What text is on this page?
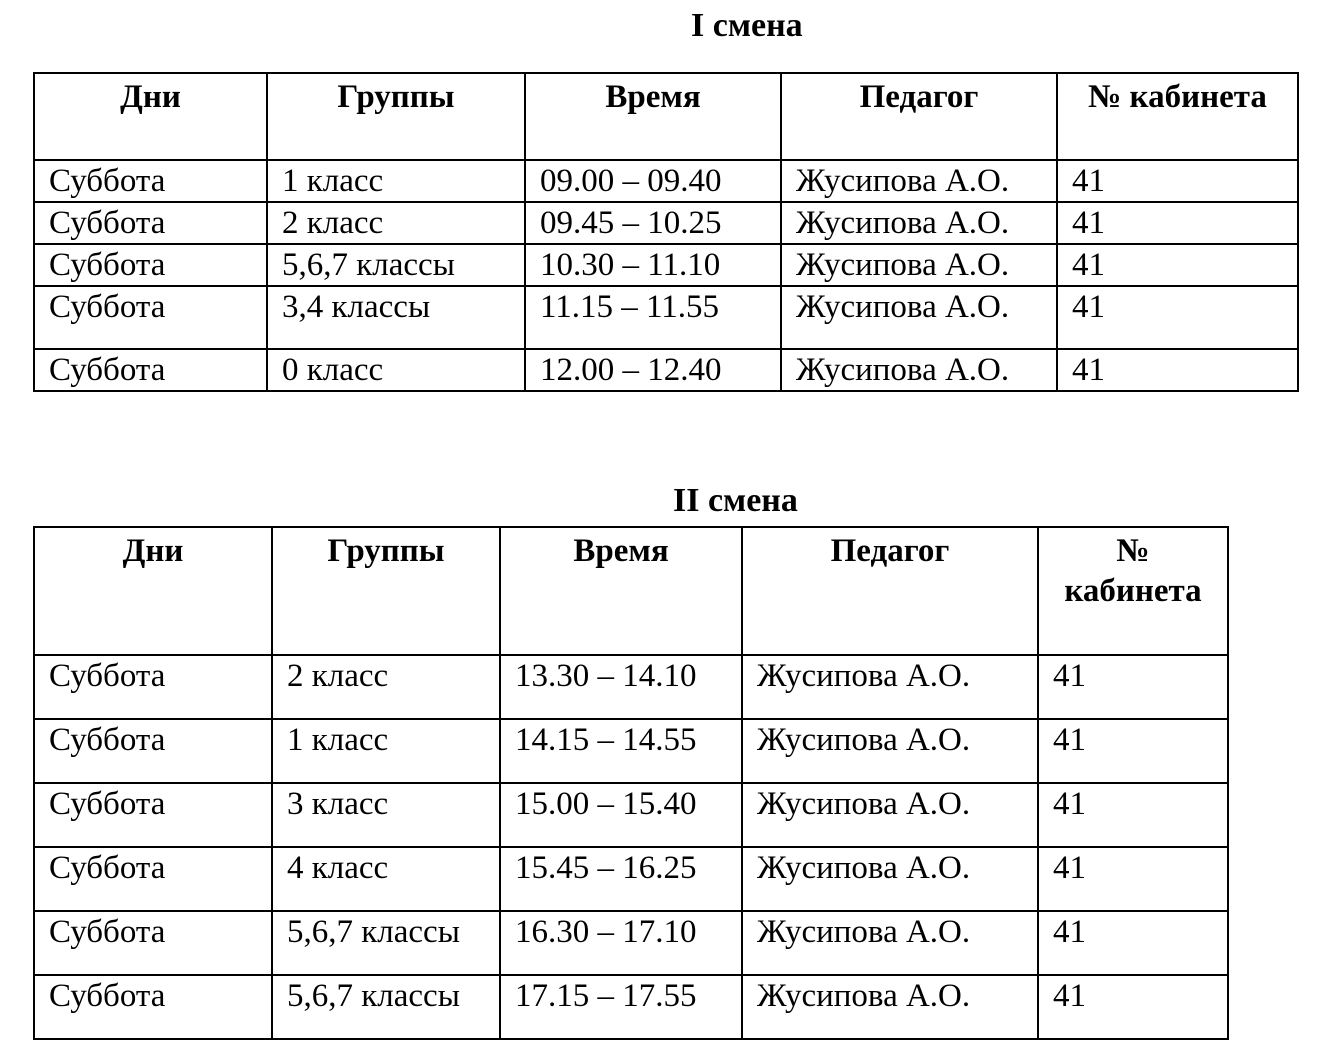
I смена
Дни	Группы	Время	Педагог	№ кабинета
Суббота	1 класс	09.00 – 09.40	Жусипова А.О.	41
Суббота	2 класс	09.45 – 10.25	Жусипова А.О.	41
Суббота	5,6,7 классы	10.30 – 11.10	Жусипова А.О.	41
Суббота	3,4 классы	11.15 – 11.55	Жусипова А.О.	41
Суббота	0 класс	12.00 – 12.40	Жусипова А.О.	41
II смена
Дни	Группы	Время	Педагог	№ кабинета
Суббота	2 класс	13.30 – 14.10	Жусипова А.О.	41
Суббота	1 класс	14.15 – 14.55	Жусипова А.О.	41
Суббота	3 класс	15.00 – 15.40	Жусипова А.О.	41
Суббота	4 класс	15.45 – 16.25	Жусипова А.О.	41
Суббота	5,6,7 классы	16.30 – 17.10	Жусипова А.О.	41
Суббота	5,6,7 классы	17.15 – 17.55	Жусипова А.О.	41
